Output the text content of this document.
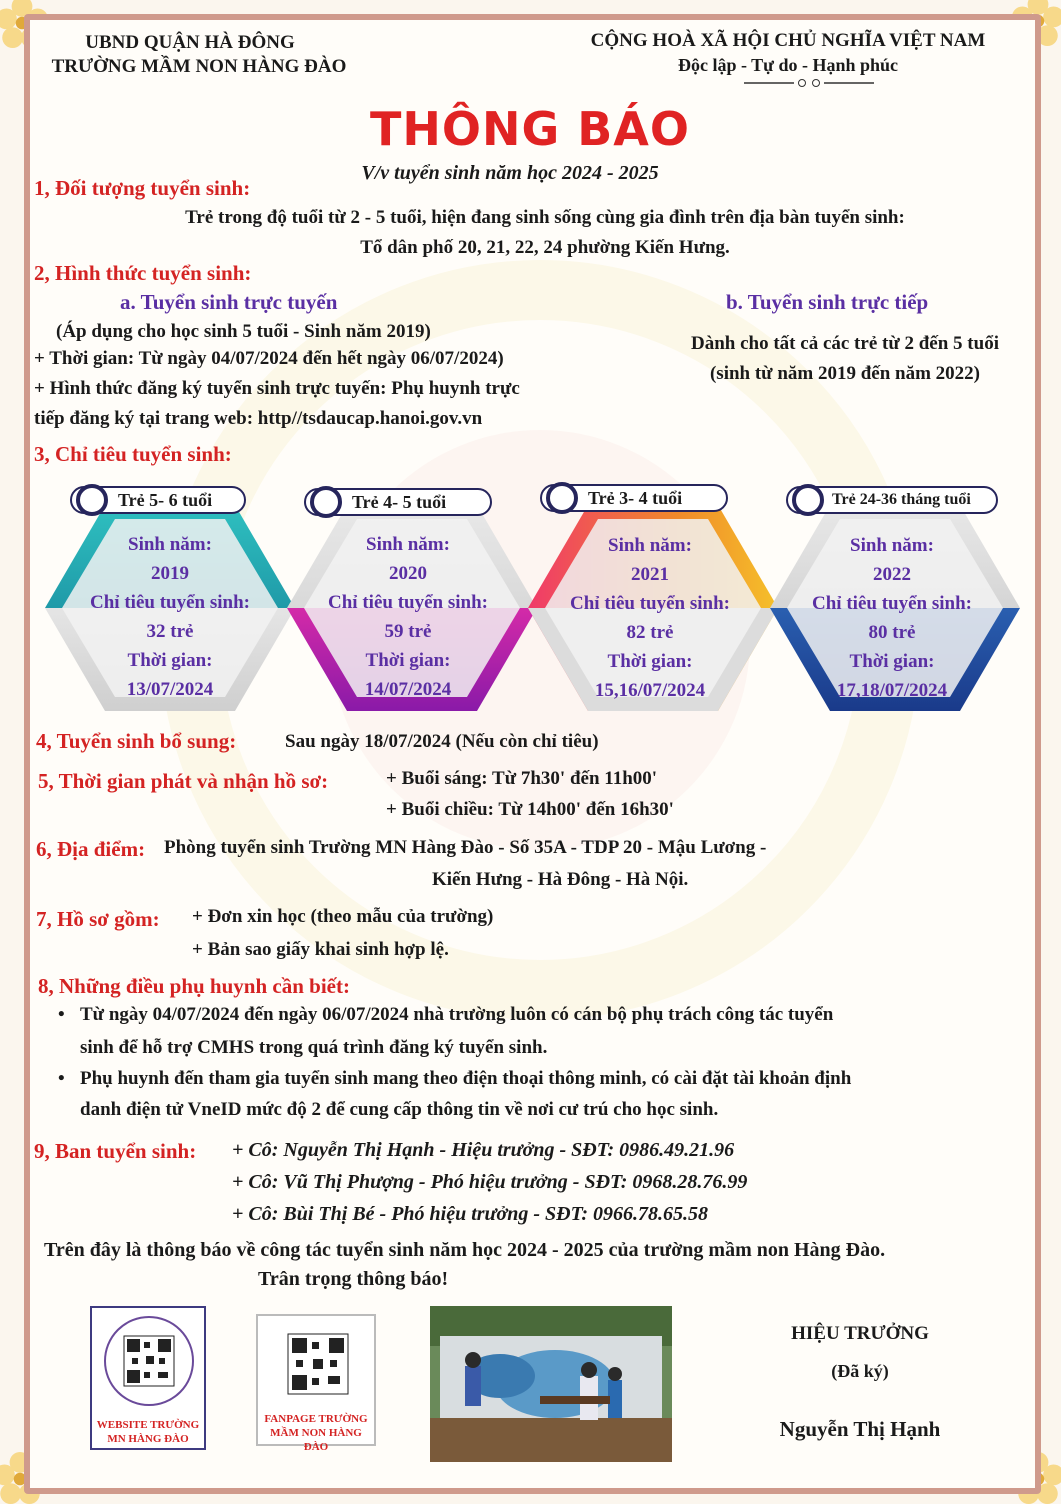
UBND QUẬN HÀ ĐÔNG
TRƯỜNG MẦM NON HÀNG ĐÀO
CỘNG HOÀ XÃ HỘI CHỦ NGHĨA VIỆT NAM
Độc lập - Tự do - Hạnh phúc
THÔNG BÁO
V/v tuyển sinh năm học 2024 - 2025
1, Đối tượng tuyển sinh:
Trẻ trong độ tuổi từ 2 - 5 tuổi, hiện đang sinh sống cùng gia đình trên địa bàn tuyển sinh:
Tổ dân phố 20, 21, 22, 24 phường Kiến Hưng.
2, Hình thức tuyển sinh:
a. Tuyển sinh trực tuyến
(Áp dụng cho học sinh 5 tuổi - Sinh năm 2019)
+ Thời gian: Từ ngày 04/07/2024 đến hết ngày 06/07/2024)
+ Hình thức đăng ký tuyển sinh trực tuyến: Phụ huynh trực
tiếp đăng ký tại trang web: http//tsdaucap.hanoi.gov.vn
b. Tuyển sinh trực tiếp
Dành cho tất cả các trẻ từ 2 đến 5 tuổi
(sinh từ năm 2019 đến năm 2022)
3, Chỉ tiêu tuyển sinh:
Trẻ 5- 6 tuổi	Trẻ 4- 5 tuổi	Trẻ 3- 4 tuổi	Trẻ 24-36 tháng tuổi
Sinh năm:
2019
Chỉ tiêu tuyển sinh:
32 trẻ
Thời gian:
13/07/2024
Sinh năm:
2020
Chỉ tiêu tuyển sinh:
59 trẻ
Thời gian:
14/07/2024
Sinh năm:
2021
Chỉ tiêu tuyển sinh:
82 trẻ
Thời gian:
15,16/07/2024
Sinh năm:
2022
Chỉ tiêu tuyển sinh:
80 trẻ
Thời gian:
17,18/07/2024
4, Tuyển sinh bổ sung:	Sau ngày 18/07/2024 (Nếu còn chỉ tiêu)
5, Thời gian phát và nhận hồ sơ:	+ Buổi sáng: Từ 7h30' đến 11h00'
+ Buổi chiều: Từ 14h00' đến 16h30'
6, Địa điểm: Phòng tuyển sinh Trường MN Hàng Đào - Số 35A - TDP 20 - Mậu Lương -
Kiến Hưng - Hà Đông - Hà Nội.
7, Hồ sơ gồm: + Đơn xin học (theo mẫu của trường)
+ Bản sao giấy khai sinh hợp lệ.
8, Những điều phụ huynh cần biết:
• Từ ngày 04/07/2024 đến ngày 06/07/2024 nhà trường luôn có cán bộ phụ trách công tác tuyển
sinh để hỗ trợ CMHS trong quá trình đăng ký tuyển sinh.
• Phụ huynh đến tham gia tuyển sinh mang theo điện thoại thông minh, có cài đặt tài khoản định
danh điện tử VneID mức độ 2 để cung cấp thông tin về nơi cư trú cho học sinh.
9, Ban tuyển sinh: + Cô: Nguyễn Thị Hạnh - Hiệu trưởng - SĐT: 0986.49.21.96
+ Cô: Vũ Thị Phượng - Phó hiệu trưởng - SĐT: 0968.28.76.99
+ Cô: Bùi Thị Bé - Phó hiệu trưởng - SĐT: 0966.78.65.58
Trên đây là thông báo về công tác tuyển sinh năm học 2024 - 2025 của trường mầm non Hàng Đào.
Trân trọng thông báo!
WEBSITE TRƯỜNG MN HÀNG ĐÀO
FANPAGE TRƯỜNG MẦM NON HÀNG ĐÀO
HIỆU TRƯỞNG
(Đã ký)
Nguyễn Thị Hạnh
